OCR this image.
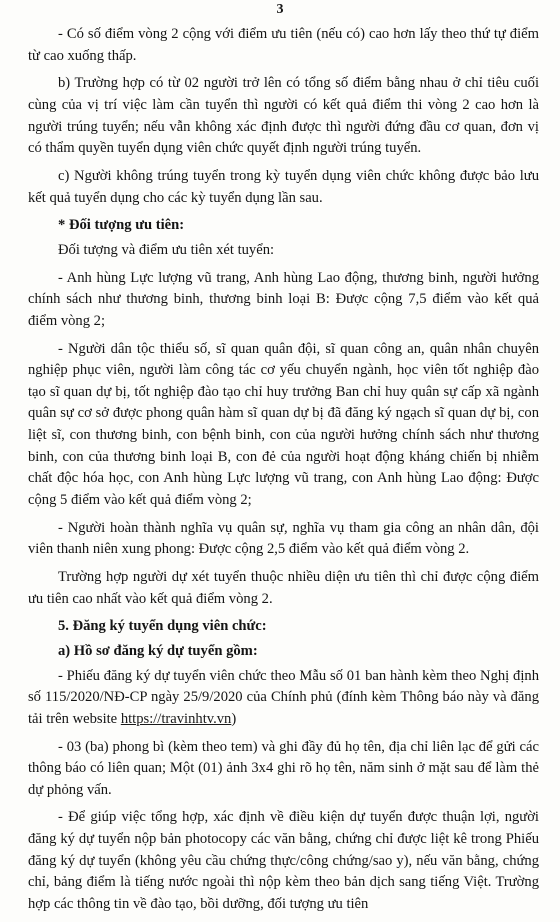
3

- Có số điểm vòng 2 cộng với điểm ưu tiên (nếu có) cao hơn lấy theo thứ tự điểm từ cao xuống thấp.

b) Trường hợp có từ 02 người trở lên có tổng số điểm bằng nhau ở chỉ tiêu cuối cùng của vị trí việc làm cần tuyển thì người có kết quả điểm thi vòng 2 cao hơn là người trúng tuyển; nếu vẫn không xác định được thì người đứng đầu cơ quan, đơn vị có thẩm quyền tuyển dụng viên chức quyết định người trúng tuyển.

c) Người không trúng tuyển trong kỳ tuyển dụng viên chức không được bảo lưu kết quả tuyển dụng cho các kỳ tuyển dụng lần sau.

* Đối tượng ưu tiên:

Đối tượng và điểm ưu tiên xét tuyển:

- Anh hùng Lực lượng vũ trang, Anh hùng Lao động, thương binh, người hưởng chính sách như thương binh, thương binh loại B: Được cộng 7,5 điểm vào kết quả điểm vòng 2;

- Người dân tộc thiểu số, sĩ quan quân đội, sĩ quan công an, quân nhân chuyên nghiệp phục viên, người làm công tác cơ yếu chuyển ngành, học viên tốt nghiệp đào tạo sĩ quan dự bị, tốt nghiệp đào tạo chỉ huy trưởng Ban chỉ huy quân sự cấp xã ngành quân sự cơ sở được phong quân hàm sĩ quan dự bị đã đăng ký ngạch sĩ quan dự bị, con liệt sĩ, con thương binh, con bệnh binh, con của người hưởng chính sách như thương binh, con của thương binh loại B, con đẻ của người hoạt động kháng chiến bị nhiễm chất độc hóa học, con Anh hùng Lực lượng vũ trang, con Anh hùng Lao động: Được cộng 5 điểm vào kết quả điểm vòng 2;

- Người hoàn thành nghĩa vụ quân sự, nghĩa vụ tham gia công an nhân dân, đội viên thanh niên xung phong: Được cộng 2,5 điểm vào kết quả điểm vòng 2.

Trường hợp người dự xét tuyển thuộc nhiều diện ưu tiên thì chỉ được cộng điểm ưu tiên cao nhất vào kết quả điểm vòng 2.

5. Đăng ký tuyển dụng viên chức:

a) Hồ sơ đăng ký dự tuyển gồm:

- Phiếu đăng ký dự tuyển viên chức theo Mẫu số 01 ban hành kèm theo Nghị định số 115/2020/NĐ-CP ngày 25/9/2020 của Chính phủ (đính kèm Thông báo này và đăng tải trên website https://travinhtv.vn)

- 03 (ba) phong bì (kèm theo tem) và ghi đầy đủ họ tên, địa chỉ liên lạc để gửi các thông báo có liên quan; Một (01) ảnh 3x4 ghi rõ họ tên, năm sinh ở mặt sau để làm thẻ dự phỏng vấn.

- Để giúp việc tổng hợp, xác định về điều kiện dự tuyển được thuận lợi, người đăng ký dự tuyển nộp bản photocopy các văn bằng, chứng chỉ được liệt kê trong Phiếu đăng ký dự tuyển (không yêu cầu chứng thực/công chứng/sao y), nếu văn bằng, chứng chỉ, bảng điểm là tiếng nước ngoài thì nộp kèm theo bản dịch sang tiếng Việt. Trường hợp các thông tin về đào tạo, bồi dưỡng, đối tượng ưu tiên
